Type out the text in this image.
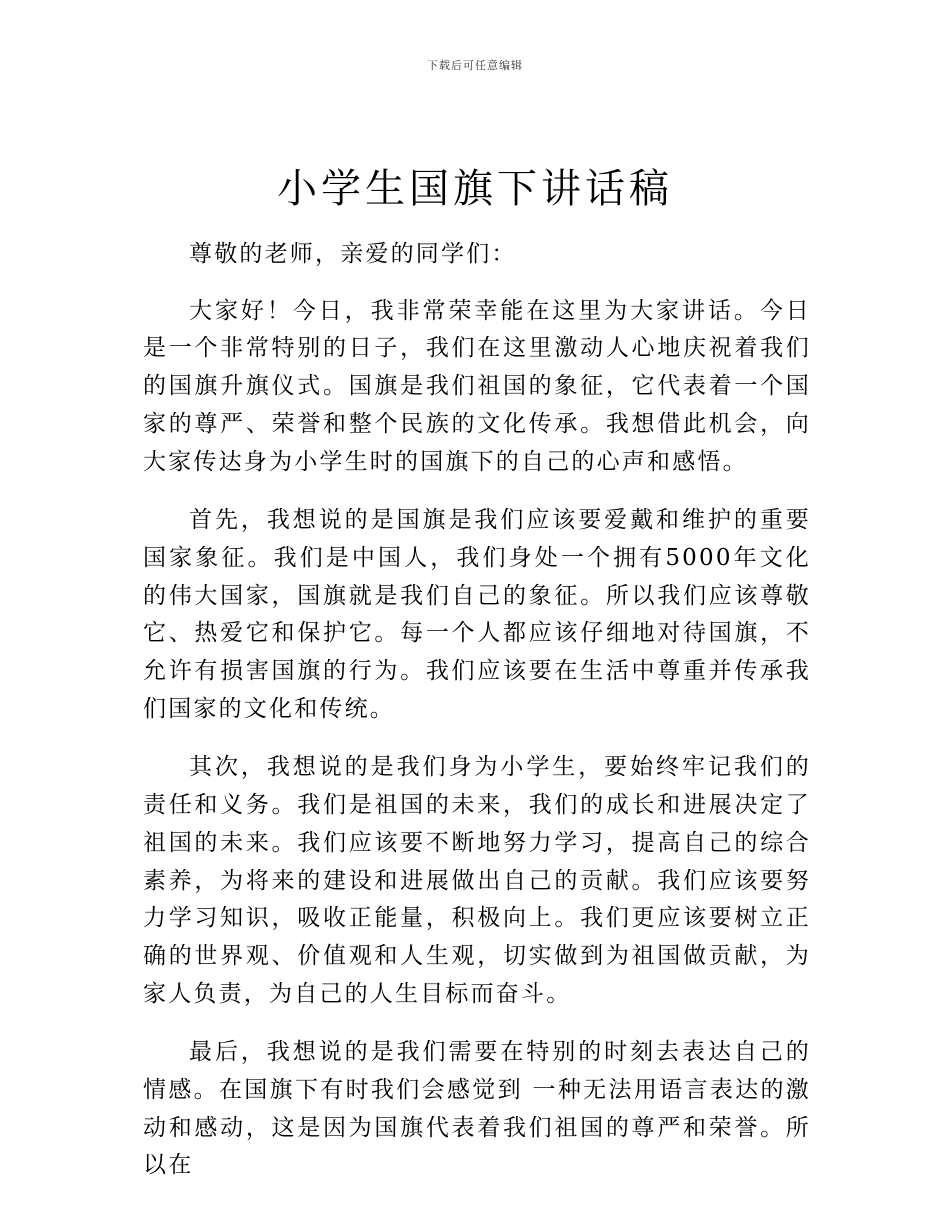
下载后可任意编辑
小学生国旗下讲话稿

尊敬的老师，亲爱的同学们：

大家好！今日，我非常荣幸能在这里为大家讲话。今日是一个非常特别的日子，我们在这里激动人心地庆祝着我们的国旗升旗仪式。国旗是我们祖国的象征，它代表着一个国家的尊严、荣誉和整个民族的文化传承。我想借此机会，向大家传达身为小学生时的国旗下的自己的心声和感悟。

首先，我想说的是国旗是我们应该要爱戴和维护的重要国家象征。我们是中国人，我们身处一个拥有5000年文化的伟大国家，国旗就是我们自己的象征。所以我们应该尊敬它、热爱它和保护它。每一个人都应该仔细地对待国旗，不允许有损害国旗的行为。我们应该要在生活中尊重并传承我们国家的文化和传统。

其次，我想说的是我们身为小学生，要始终牢记我们的责任和义务。我们是祖国的未来，我们的成长和进展决定了祖国的未来。我们应该要不断地努力学习，提高自己的综合素养，为将来的建设和进展做出自己的贡献。我们应该要努力学习知识，吸收正能量，积极向上。我们更应该要树立正确的世界观、价值观和人生观，切实做到为祖国做贡献，为家人负责，为自己的人生目标而奋斗。

最后，我想说的是我们需要在特别的时刻去表达自己的情感。在国旗下有时我们会感觉到 一种无法用语言表达的激动和感动，这是因为国旗代表着我们祖国的尊严和荣誉。所以在
